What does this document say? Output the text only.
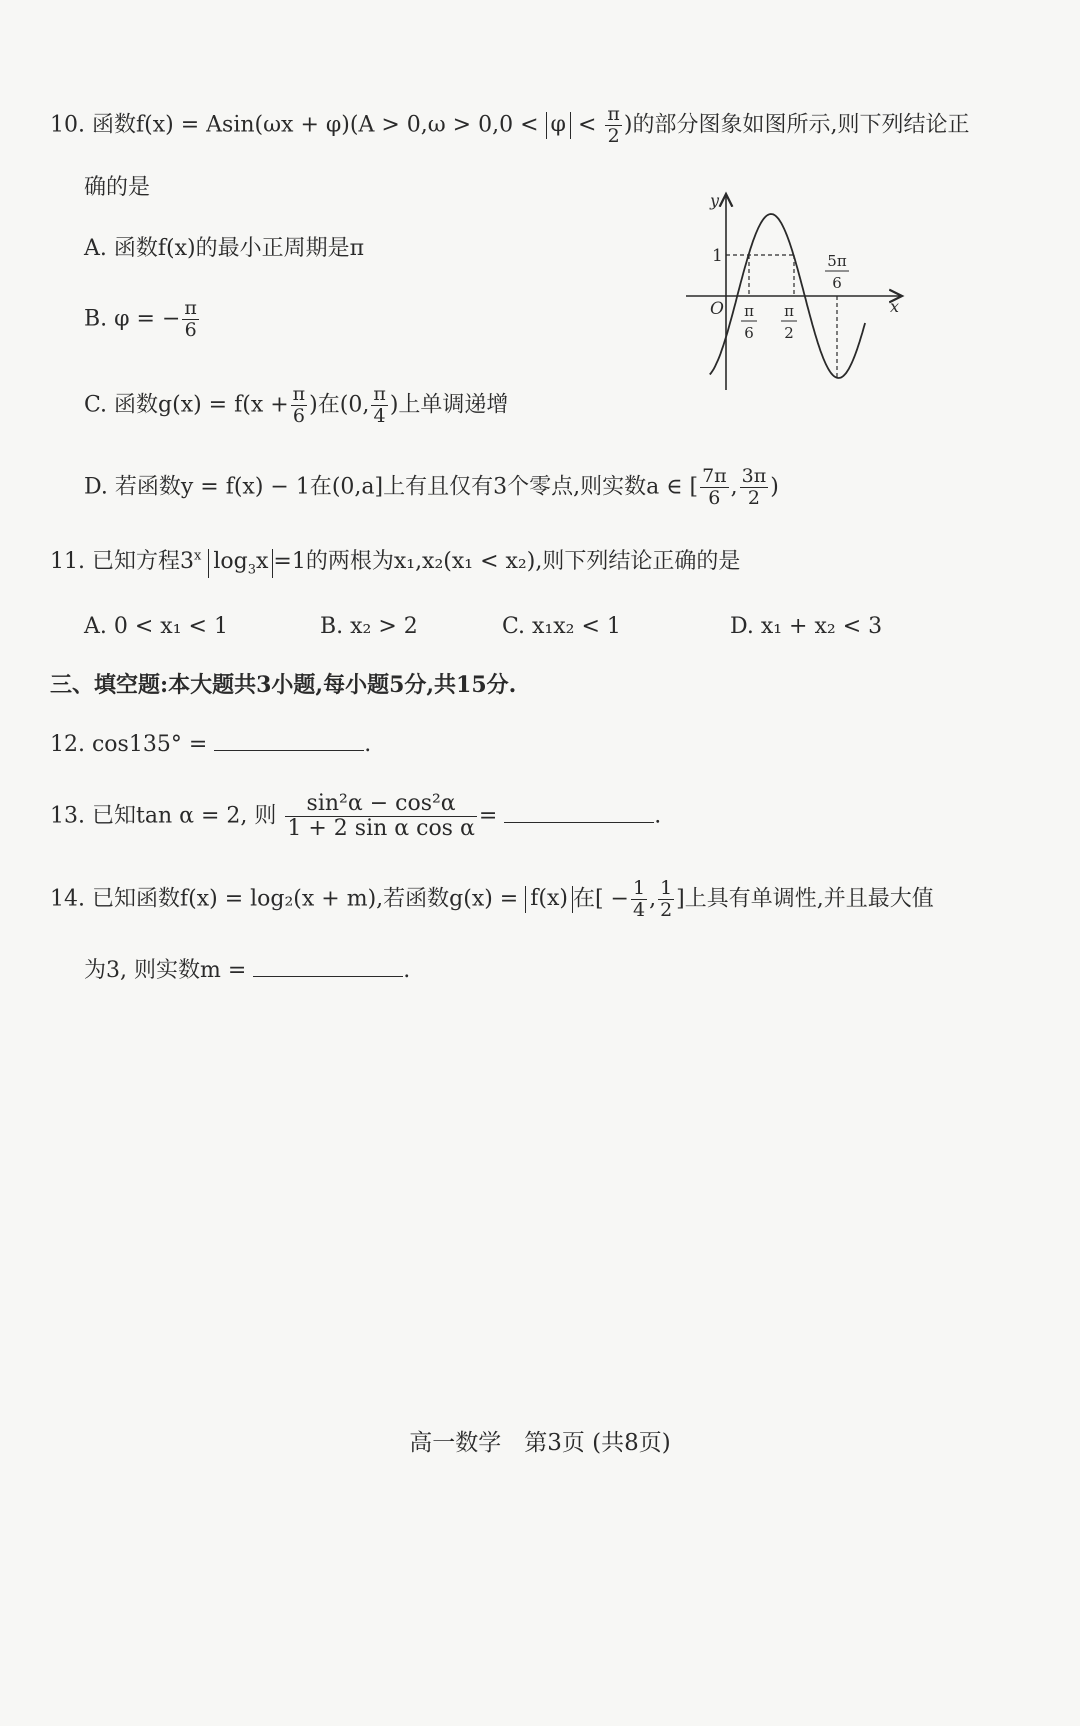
10. 函数$f(x) = Asin(\omega x + \varphi)(A > 0,\omega > 0,0 < \varphi < \frac{\pi}{2}$ )的部分图象如图所示,则下列结论正
确的是
A. 函数f(x)的最小正周期是π
B. φ = − $\frac{\pi}{6}$
C. 函数$g(x) = f(x + \frac{\pi}{6}$ )在(0, $\frac{\pi}{4}$ )上单调递增
D. 若函数y = f(x) − 1在(0,a]上有且仅有3个零点,则实数a ∈ [ $\frac{7\pi}{6}$ , $\frac{3\pi}{2}$ )
y
x
O
1
π
6
π
2
5π
6
11. 已知方程3$^x$ $\log_3x =1$的两根为x₁,x₂(x₁ < x₂),则下列结论正确的是
A. 0 < x₁ < 1	B. x₂ > 2	C. x₁x₂ < 1	D. x₁ + x₂ < 3
三、填空题:本大题共3小题,每小题5分,共15分.
12. cos135° =	.
13. 已知tan α = 2, 则 $\frac{\text{sin²α − cos²α}}{\text{1 + 2 sin α cos α}}$ =	.
14. 已知函数f(x) = log₂(x + m),若函数g(x) = f(x) 在[ − $\frac{1}{4}$ , $\frac{1}{2}$ ]上具有单调性,并且最大值
为3, 则实数m =	.
高一数学　第3页 (共8页)
